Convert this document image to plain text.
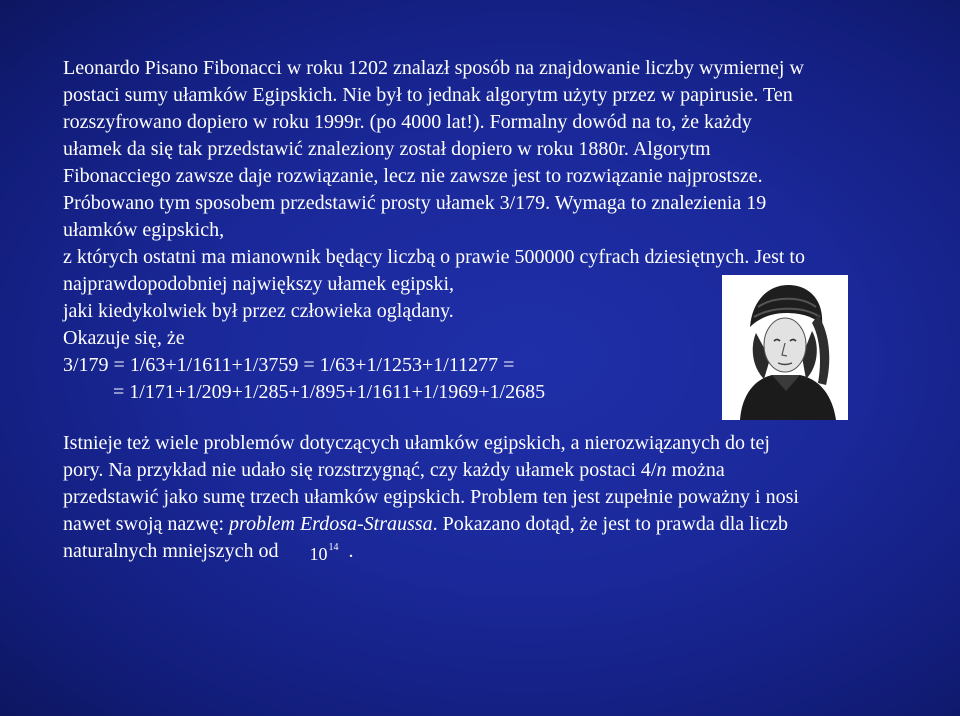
Leonardo Pisano Fibonacci w roku 1202 znalazł sposób na znajdowanie liczby wymiernej w
postaci sumy ułamków Egipskich. Nie był to jednak algorytm użyty przez w papirusie. Ten
rozszyfrowano dopiero w roku 1999r. (po 4000 lat!). Formalny dowód na to, że każdy
ułamek da się tak przedstawić znaleziony został dopiero w roku 1880r. Algorytm
Fibonacciego zawsze daje rozwiązanie, lecz nie zawsze jest to rozwiązanie najprostsze.
Próbowano tym sposobem przedstawić prosty ułamek 3/179. Wymaga to znalezienia 19
ułamków egipskich,
z których ostatni ma mianownik będący liczbą o prawie 500000 cyfrach dziesiętnych. Jest to
najprawdopodobniej największy ułamek egipski,
jaki kiedykolwiek był przez człowieka oglądany.
Okazuje się, że
3/179 = 1/63+1/1611+1/3759 = 1/63+1/1253+1/11277 =
= 1/171+1/209+1/285+1/895+1/1611+1/1969+1/2685
Istnieje też wiele problemów dotyczących ułamków egipskich, a nierozwiązanych do tej
pory. Na przykład nie udało się rozstrzygnąć, czy każdy ułamek postaci 4/n można
przedstawić jako sumę trzech ułamków egipskich. Problem ten jest zupełnie poważny i nosi
nawet swoją nazwę: problem Erdosa-Straussa. Pokazano dotąd, że jest to prawda dla liczb
naturalnych mniejszych od $10^{14}$ .
